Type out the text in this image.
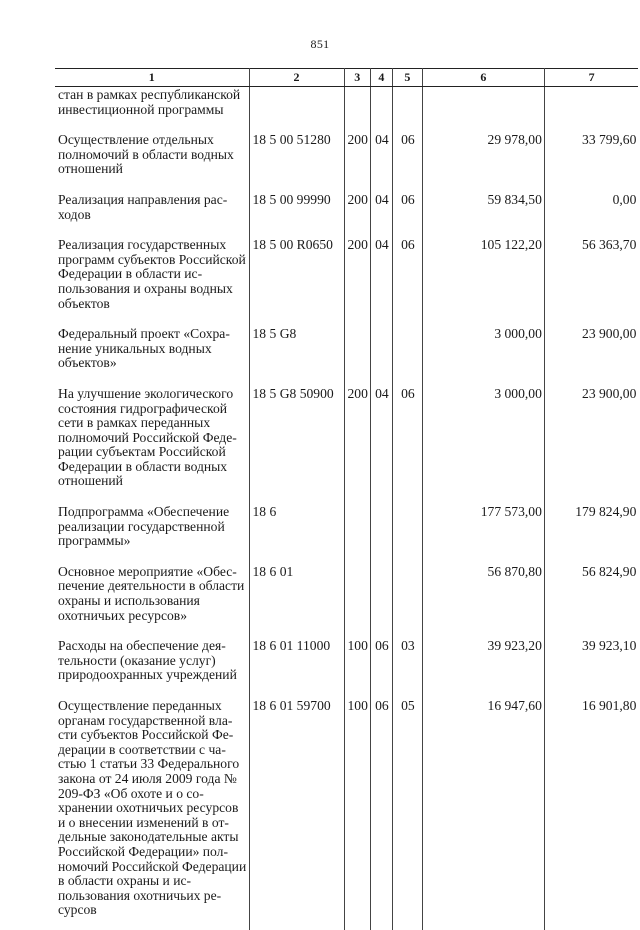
851
1	2	3	4	5	6	7
стан в рамках республиканской инвестиционной программы						
Осуществление отдельных полномочий в области водных отношений	18 5 00 51280	200	04	06	29 978,00	33 799,60
Реализация направления расходов	18 5 00 99990	200	04	06	59 834,50	0,00
Реализация государственных программ субъектов Российской Федерации в области использования и охраны водных объектов	18 5 00 R0650	200	04	06	105 122,20	56 363,70
Федеральный проект «Сохранение уникальных водных объектов»	18 5 G8				3 000,00	23 900,00
На улучшение экологического состояния гидрографической сети в рамках переданных полномочий Российской Федерации субъектам Российской Федерации в области водных отношений	18 5 G8 50900	200	04	06	3 000,00	23 900,00
Подпрограмма «Обеспечение реализации государственной программы»	18 6				177 573,00	179 824,90
Основное мероприятие «Обеспечение деятельности в области охраны и использования охотничьих ресурсов»	18 6 01				56 870,80	56 824,90
Расходы на обеспечение деятельности (оказание услуг) природоохранных учреждений	18 6 01 11000	100	06	03	39 923,20	39 923,10
Осуществление переданных органам государственной власти субъектов Российской Федерации в соответствии с частью 1 статьи 33 Федерального закона от 24 июля 2009 года № 209-ФЗ «Об охоте и о сохранении охотничьих ресурсов и о внесении изменений в отдельные законодательные акты Российской Федерации» полномочий Российской Федерации в области охраны и использования охотничьих ресурсов	18 6 01 59700	100	06	05	16 947,60	16 901,80
